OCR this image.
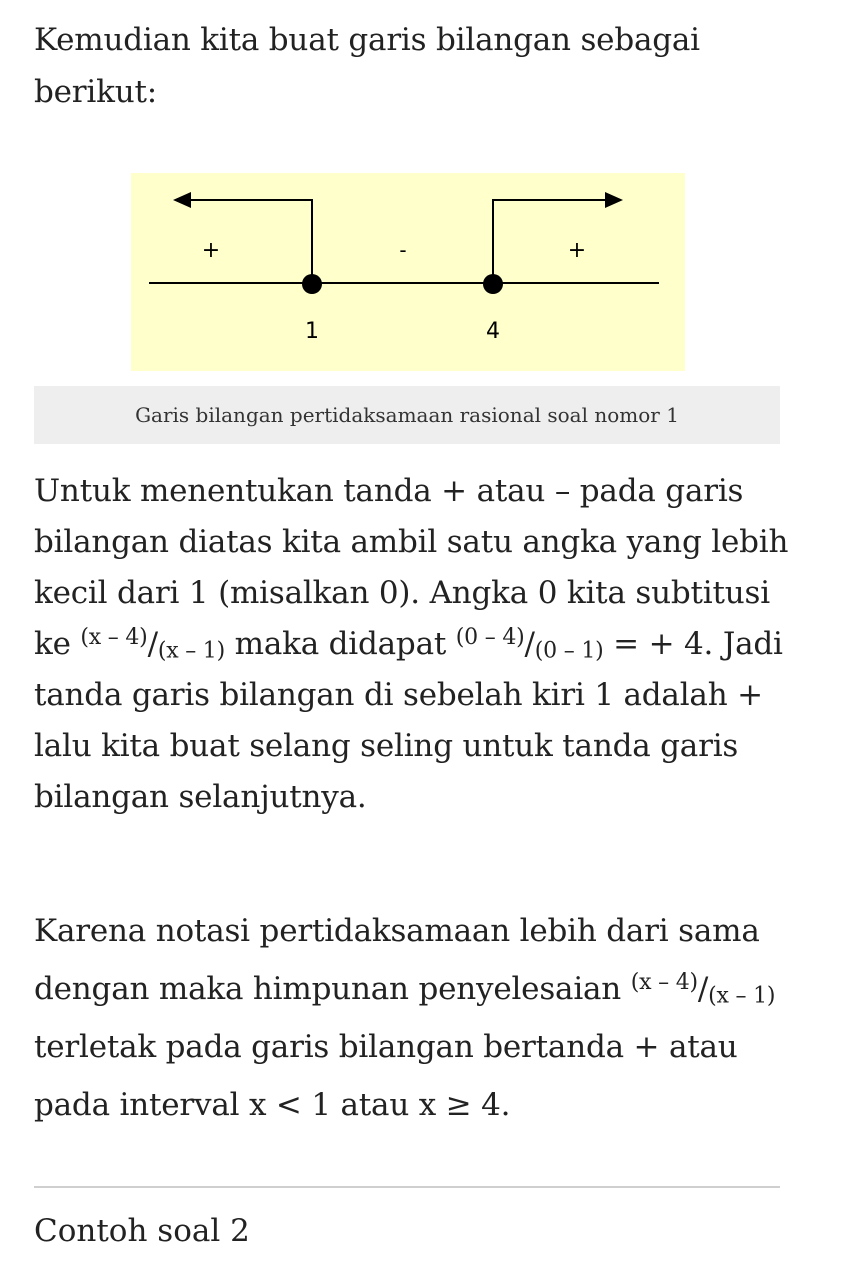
Kemudian kita buat garis bilangan sebagai
berikut:

+	-	+
1	4
Garis bilangan pertidaksamaan rasional soal nomor 1

Untuk menentukan tanda + atau – pada garis
bilangan diatas kita ambil satu angka yang lebih
kecil dari 1 (misalkan 0). Angka 0 kita subtitusi
ke $^{(x - 4)}/_{(x - 1)}$ maka didapat $^{(0 - 4)}/_{(0 - 1)}$ = + 4. Jadi
tanda garis bilangan di sebelah kiri 1 adalah +
lalu kita buat selang seling untuk tanda garis
bilangan selanjutnya.

Karena notasi pertidaksamaan lebih dari sama
dengan maka himpunan penyelesaian $^{(x - 4)}/_{(x - 1)}$
terletak pada garis bilangan bertanda + atau
pada interval x < 1 atau x ≥ 4.

Contoh soal 2
